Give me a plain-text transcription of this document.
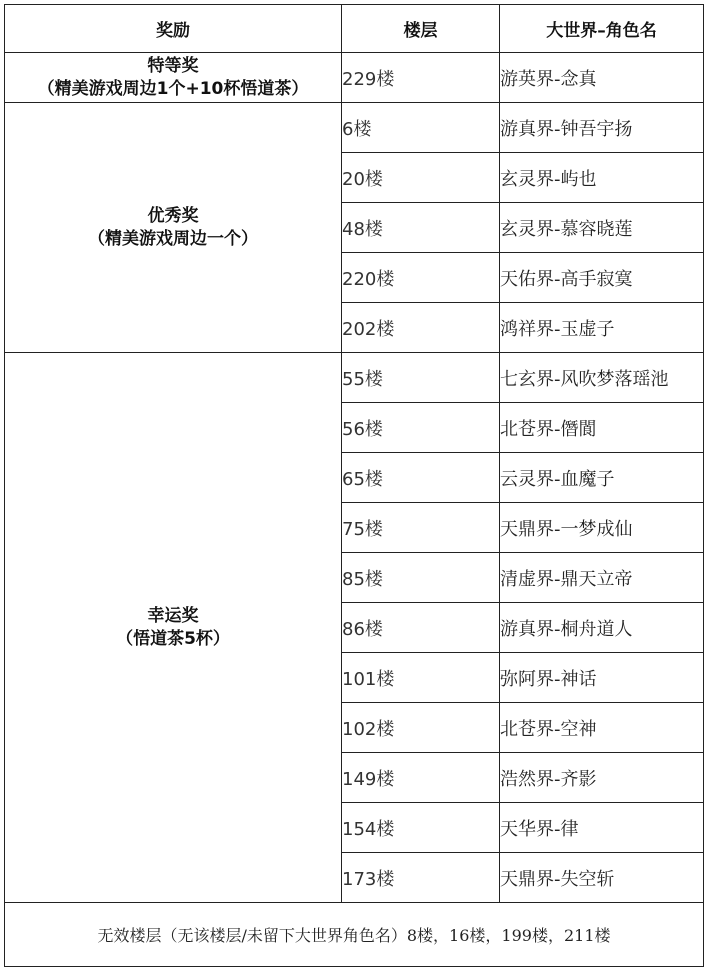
奖励	楼层	大世界–角色名

特等奖
（精美游戏周边1个+10杯悟道茶）	229楼	游英界-念真

优秀奖
（精美游戏周边一个）	6楼	游真界-钟吾宇扬
	20楼	玄灵界-屿也
	48楼	玄灵界-慕容晓莲
	220楼	天佑界-高手寂寞
	202楼	鸿祥界-玉虚子

幸运奖
（悟道茶5杯）	55楼	七玄界-风吹梦落瑶池
	56楼	北苍界-僭閬
	65楼	云灵界-血魔子
	75楼	天鼎界-一梦成仙
	85楼	清虚界-鼎天立帝
	86楼	游真界-桐舟道人
	101楼	弥阿界-神话
	102楼	北苍界-空神
	149楼	浩然界-齐影
	154楼	天华界-律
	173楼	天鼎界-失空斩
无效楼层（无该楼层/未留下大世界角色名）8楼，16楼，199楼，211楼		
